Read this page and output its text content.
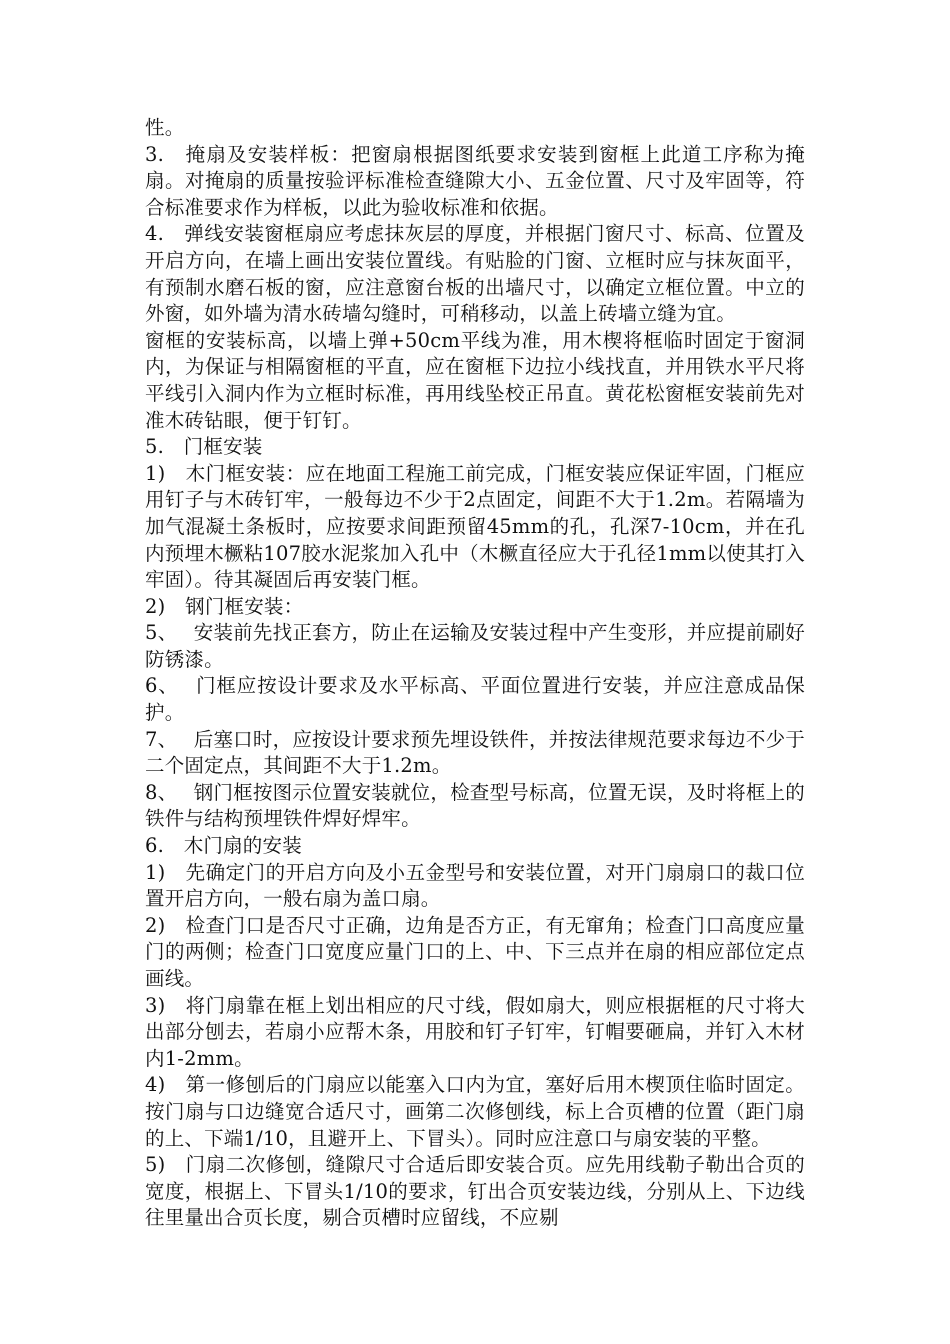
性。

3.　掩扇及安装样板：把窗扇根据图纸要求安装到窗框上此道工序称为掩扇。对掩扇的质量按验评标准检查缝隙大小、五金位置、尺寸及牢固等，符合标准要求作为样板，以此为验收标准和依据。

4.　弹线安装窗框扇应考虑抹灰层的厚度，并根据门窗尺寸、标高、位置及开启方向，在墙上画出安装位置线。有贴脸的门窗、立框时应与抹灰面平，有预制水磨石板的窗，应注意窗台板的出墙尺寸，以确定立框位置。中立的外窗，如外墙为清水砖墙勾缝时，可稍移动，以盖上砖墙立缝为宜。

窗框的安装标高，以墙上弹+50cm平线为准，用木楔将框临时固定于窗洞内，为保证与相隔窗框的平直，应在窗框下边拉小线找直，并用铁水平尺将平线引入洞内作为立框时标准，再用线坠校正吊直。黄花松窗框安装前先对准木砖钻眼，便于钉钉。

5.　门框安装

1)　木门框安装：应在地面工程施工前完成，门框安装应保证牢固，门框应用钉子与木砖钉牢，一般每边不少于2点固定，间距不大于1.2m。若隔墙为加气混凝土条板时，应按要求间距预留45mm的孔，孔深7-10cm，并在孔内预埋木橛粘107胶水泥浆加入孔中（木橛直径应大于孔径1mm以使其打入牢固）。待其凝固后再安装门框。

2)　钢门框安装：

5、　 安装前先找正套方，防止在运输及安装过程中产生变形，并应提前刷好防锈漆。

6、　 门框应按设计要求及水平标高、平面位置进行安装，并应注意成品保护。

7、　 后塞口时，应按设计要求预先埋设铁件，并按法律规范要求每边不少于二个固定点，其间距不大于1.2m。

8、　 钢门框按图示位置安装就位，检查型号标高，位置无误，及时将框上的铁件与结构预埋铁件焊好焊牢。

6.　木门扇的安装

1)　先确定门的开启方向及小五金型号和安装位置，对开门扇扇口的裁口位置开启方向，一般右扇为盖口扇。

2)　检查门口是否尺寸正确，边角是否方正，有无窜角；检查门口高度应量门的两侧；检查门口宽度应量门口的上、中、下三点并在扇的相应部位定点画线。

3)　将门扇靠在框上划出相应的尺寸线，假如扇大，则应根据框的尺寸将大出部分刨去，若扇小应帮木条，用胶和钉子钉牢，钉帽要砸扁，并钉入木材内1-2mm。

4)　第一修刨后的门扇应以能塞入口内为宜，塞好后用木楔顶住临时固定。按门扇与口边缝宽合适尺寸，画第二次修刨线，标上合页槽的位置（距门扇的上、下端1/10，且避开上、下冒头）。同时应注意口与扇安装的平整。

5)　门扇二次修刨，缝隙尺寸合适后即安装合页。应先用线勒子勒出合页的宽度，根据上、下冒头1/10的要求，钉出合页安装边线，分别从上、下边线往里量出合页长度，剔合页槽时应留线，不应剔
